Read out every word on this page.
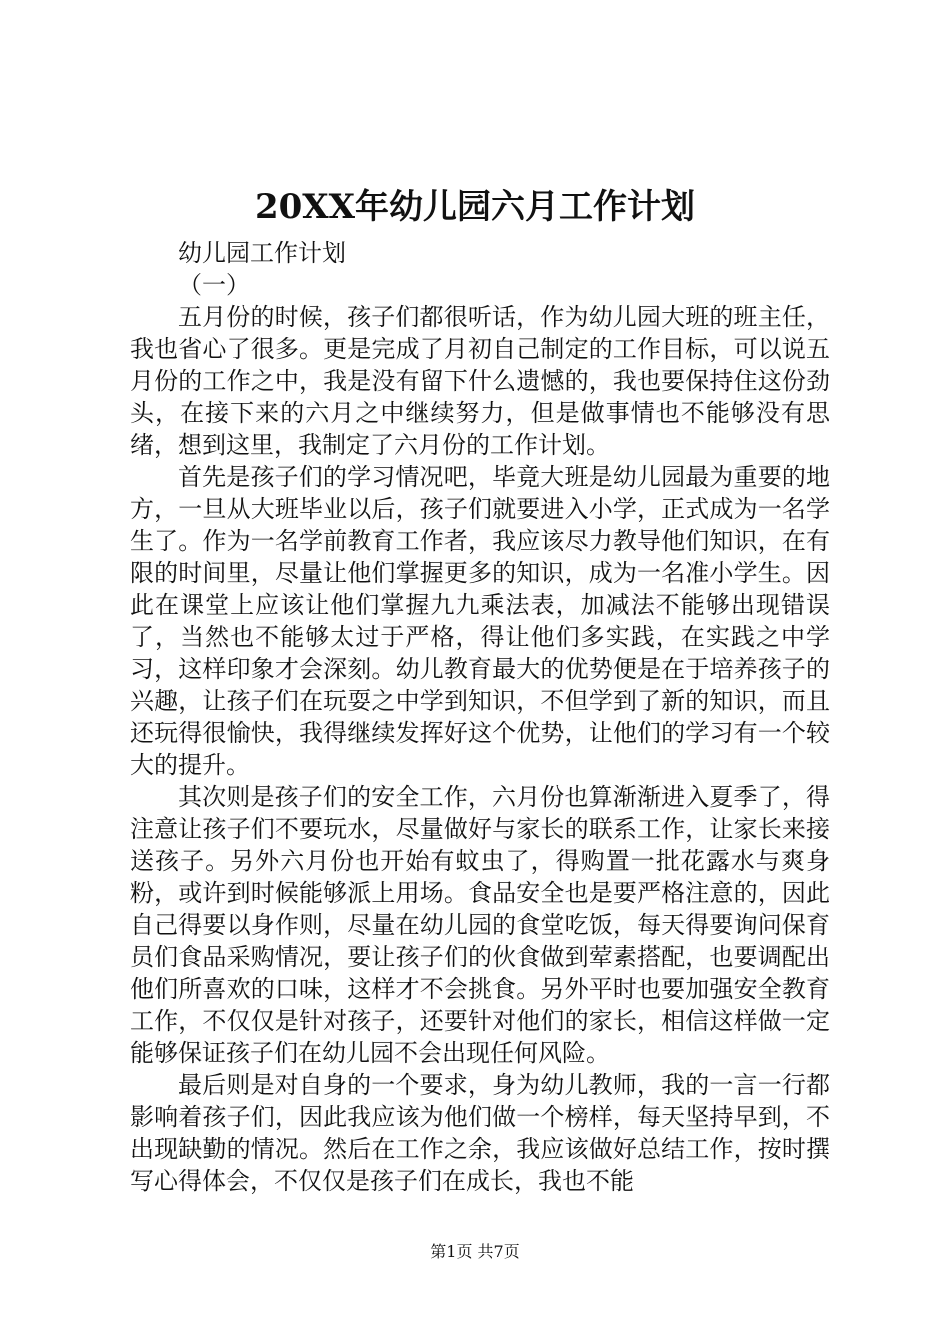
20XX年幼儿园六月工作计划

幼儿园工作计划

（一）

五月份的时候，孩子们都很听话，作为幼儿园大班的班主任，我也省心了很多。更是完成了月初自己制定的工作目标，可以说五月份的工作之中，我是没有留下什么遗憾的，我也要保持住这份劲头，在接下来的六月之中继续努力，但是做事情也不能够没有思绪，想到这里，我制定了六月份的工作计划。

首先是孩子们的学习情况吧，毕竟大班是幼儿园最为重要的地方，一旦从大班毕业以后，孩子们就要进入小学，正式成为一名学生了。作为一名学前教育工作者，我应该尽力教导他们知识，在有限的时间里，尽量让他们掌握更多的知识，成为一名准小学生。因此在课堂上应该让他们掌握九九乘法表，加减法不能够出现错误了，当然也不能够太过于严格，得让他们多实践，在实践之中学习，这样印象才会深刻。幼儿教育最大的优势便是在于培养孩子的兴趣，让孩子们在玩耍之中学到知识，不但学到了新的知识，而且还玩得很愉快，我得继续发挥好这个优势，让他们的学习有一个较大的提升。

其次则是孩子们的安全工作，六月份也算渐渐进入夏季了，得注意让孩子们不要玩水，尽量做好与家长的联系工作，让家长来接送孩子。另外六月份也开始有蚊虫了，得购置一批花露水与爽身粉，或许到时候能够派上用场。食品安全也是要严格注意的，因此自己得要以身作则，尽量在幼儿园的食堂吃饭，每天得要询问保育员们食品采购情况，要让孩子们的伙食做到荤素搭配，也要调配出他们所喜欢的口味，这样才不会挑食。另外平时也要加强安全教育工作，不仅仅是针对孩子，还要针对他们的家长，相信这样做一定能够保证孩子们在幼儿园不会出现任何风险。

最后则是对自身的一个要求，身为幼儿教师，我的一言一行都影响着孩子们，因此我应该为他们做一个榜样，每天坚持早到，不出现缺勤的情况。然后在工作之余，我应该做好总结工作，按时撰写心得体会，不仅仅是孩子们在成长，我也不能

第1页 共7页
